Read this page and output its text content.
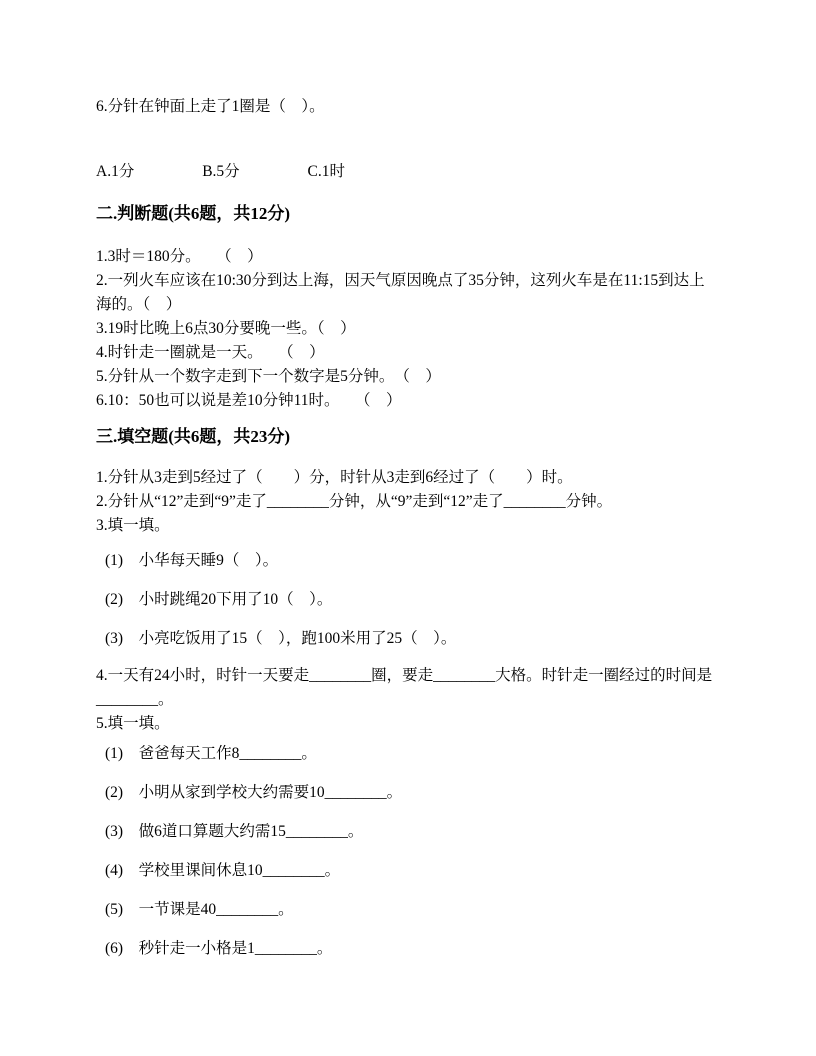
6.分针在钟面上走了1圈是（　）。

A.1分	B.5分	C.1时
二.判断题(共6题，共12分)

1.3时＝180分。　　（　）

2.一列火车应该在10:30分到达上海，因天气原因晚点了35分钟，这列火车是在11:15到达上海的。（　）

3.19时比晚上6点30分要晚一些。（　）

4.时针走一圈就是一天。　　（　）

5.分针从一个数字走到下一个数字是5分钟。　（　）

6.10：50也可以说是差10分钟11时。　　（　）

三.填空题(共6题，共23分)

1.分针从3走到5经过了（　　）分，时针从3走到6经过了（　　）时。

2.分针从“12”走到“9”走了________分钟，从“9”走到“12”走了________分钟。

3.填一填。

(1)　小华每天睡9（　）。

(2)　小时跳绳20下用了10（　）。

(3)　小亮吃饭用了15（　），跑100米用了25（　）。

4.一天有24小时，时针一天要走________圈，要走________大格。时针走一圈经过的时间是________。

5.填一填。

(1)　爸爸每天工作8________。

(2)　小明从家到学校大约需要10________。

(3)　做6道口算题大约需15________。

(4)　学校里课间休息10________。

(5)　一节课是40________。

(6)　秒针走一小格是1________。
